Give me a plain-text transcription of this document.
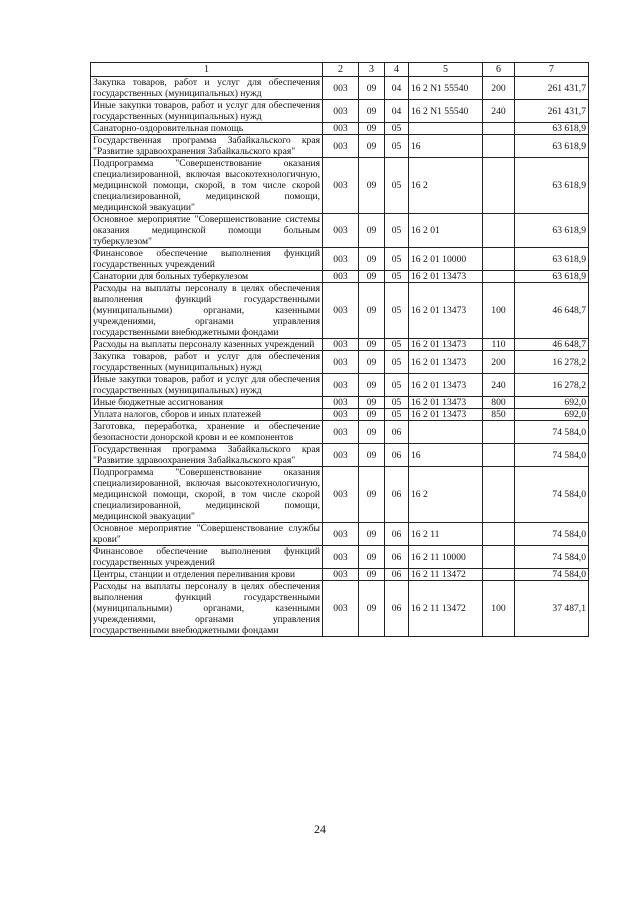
1	2	3	4	5	6	7
Закупка товаров, работ и услуг для обеспечения государственных (муниципальных) нужд	003	09	04	16 2 N1 55540	200	261 431,7
Иные закупки товаров, работ и услуг для обеспечения государственных (муниципальных) нужд	003	09	04	16 2 N1 55540	240	261 431,7
Санаторно-оздоровительная помощь	003	09	05			63 618,9
Государственная программа Забайкальского края "Развитие здравоохранения Забайкальского края"	003	09	05	16		63 618,9
Подпрограмма "Совершенствование оказания специализированной, включая высокотехнологичную, медицинской помощи, скорой, в том числе скорой специализированной, медицинской помощи, медицинской эвакуации"	003	09	05	16 2		63 618,9
Основное мероприятие "Совершенствование системы оказания медицинской помощи больным туберкулезом"	003	09	05	16 2 01		63 618,9
Финансовое обеспечение выполнения функций государственных учреждений	003	09	05	16 2 01 10000		63 618,9
Санатории для больных туберкулезом	003	09	05	16 2 01 13473		63 618,9
Расходы на выплаты персоналу в целях обеспечения выполнения функций государственными (муниципальными) органами, казенными учреждениями, органами управления государственными внебюджетными фондами	003	09	05	16 2 01 13473	100	46 648,7
Расходы на выплаты персоналу казенных учреждений	003	09	05	16 2 01 13473	110	46 648,7
Закупка товаров, работ и услуг для обеспечения государственных (муниципальных) нужд	003	09	05	16 2 01 13473	200	16 278,2
Иные закупки товаров, работ и услуг для обеспечения государственных (муниципальных) нужд	003	09	05	16 2 01 13473	240	16 278,2
Иные бюджетные ассигнования	003	09	05	16 2 01 13473	800	692,0
Уплата налогов, сборов и иных платежей	003	09	05	16 2 01 13473	850	692,0
Заготовка, переработка, хранение и обеспечение безопасности донорской крови и ее компонентов	003	09	06			74 584,0
Государственная программа Забайкальского края "Развитие здравоохранения Забайкальского края"	003	09	06	16		74 584,0
Подпрограмма "Совершенствование оказания специализированной, включая высокотехнологичную, медицинской помощи, скорой, в том числе скорой специализированной, медицинской помощи, медицинской эвакуации"	003	09	06	16 2		74 584,0
Основное мероприятие "Совершенствование службы крови"	003	09	06	16 2 11		74 584,0
Финансовое обеспечение выполнения функций государственных учреждений	003	09	06	16 2 11 10000		74 584,0
Центры, станции и отделения переливания крови	003	09	06	16 2 11 13472		74 584,0
Расходы на выплаты персоналу в целях обеспечения выполнения функций государственными (муниципальными) органами, казенными учреждениями, органами управления государственными внебюджетными фондами	003	09	06	16 2 11 13472	100	37 487,1
24
